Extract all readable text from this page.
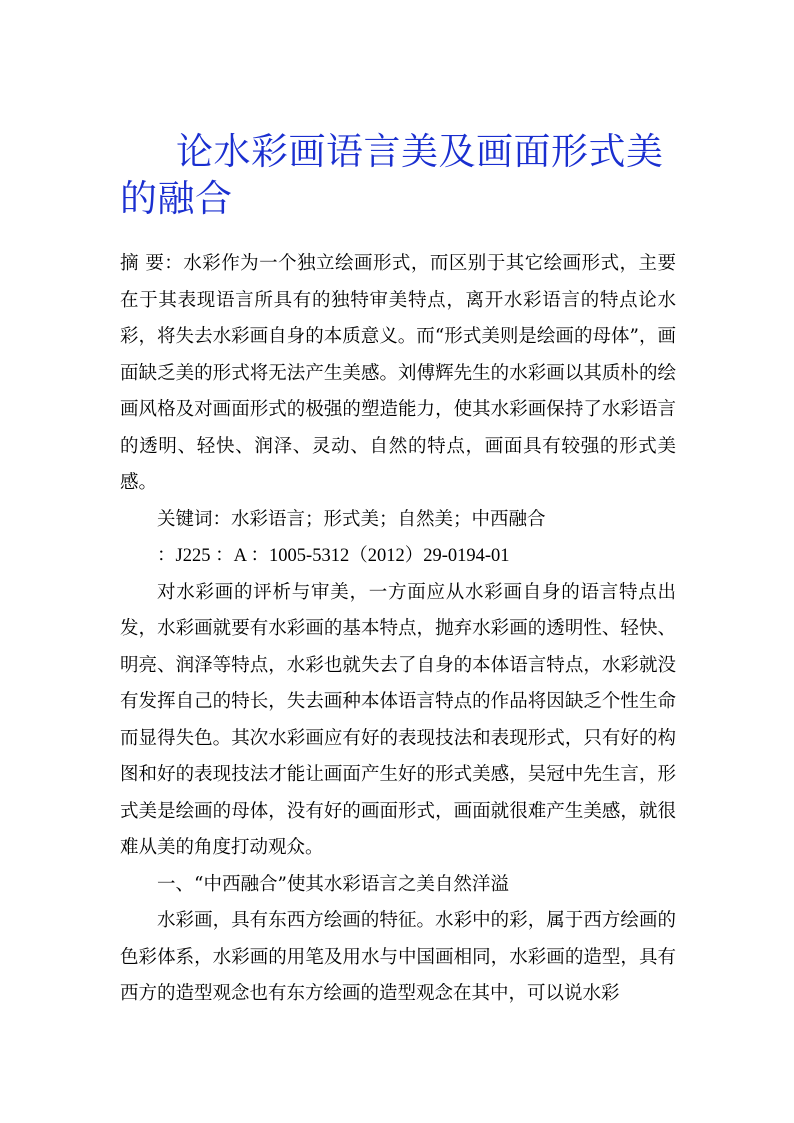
论水彩画语言美及画面形式美的融合

摘 要：水彩作为一个独立绘画形式，而区别于其它绘画形式，主要在于其表现语言所具有的独特审美特点，离开水彩语言的特点论水彩，将失去水彩画自身的本质意义。而“形式美则是绘画的母体”，画面缺乏美的形式将无法产生美感。刘傅辉先生的水彩画以其质朴的绘画风格及对画面形式的极强的塑造能力，使其水彩画保持了水彩语言的透明、轻快、润泽、灵动、自然的特点，画面具有较强的形式美感。

关键词：水彩语言；形式美；自然美；中西融合

：J225 ：A ：1005-5312（2012）29-0194-01

对水彩画的评析与审美，一方面应从水彩画自身的语言特点出发，水彩画就要有水彩画的基本特点，抛弃水彩画的透明性、轻快、明亮、润泽等特点，水彩也就失去了自身的本体语言特点，水彩就没有发挥自己的特长，失去画种本体语言特点的作品将因缺乏个性生命而显得失色。其次水彩画应有好的表现技法和表现形式，只有好的构图和好的表现技法才能让画面产生好的形式美感，吴冠中先生言，形式美是绘画的母体，没有好的画面形式，画面就很难产生美感，就很难从美的角度打动观众。

一、“中西融合”使其水彩语言之美自然洋溢

水彩画，具有东西方绘画的特征。水彩中的彩，属于西方绘画的色彩体系，水彩画的用笔及用水与中国画相同，水彩画的造型，具有西方的造型观念也有东方绘画的造型观念在其中，可以说水彩
